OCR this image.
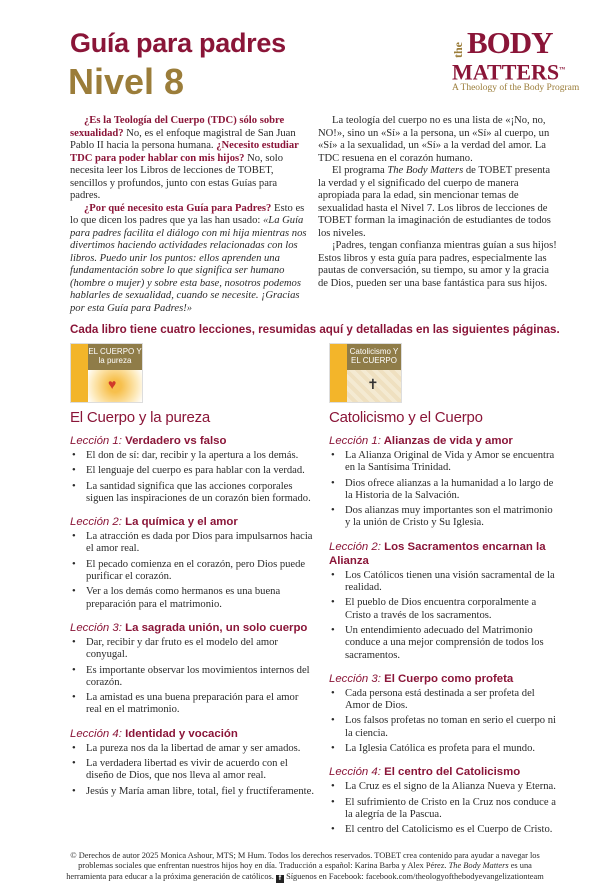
Guía para padres
Nivel 8
the BODY
MATTERS™
A Theology of the Body Program

¿Es la Teología del Cuerpo (TDC) sólo sobre sexualidad? No, es el enfoque magistral de San Juan Pablo II hacia la persona humana. ¿Necesito estudiar TDC para poder hablar con mis hijos? No, solo necesita leer los Libros de lecciones de TOBET, sencillos y profundos, junto con estas Guías para padres.

¿Por qué necesito esta Guía para Padres? Esto es lo que dicen los padres que ya las han usado: «La Guía para padres facilita el diálogo con mi hija mientras nos divertimos haciendo actividades relacionadas con los libros. Puedo unir los puntos: ellos aprenden una fundamentación sobre lo que significa ser humano (hombre o mujer) y sobre esta base, nosotros podemos hablarles de sexualidad, cuando se necesite. ¡Gracias por esta Guía para Padres!»

La teología del cuerpo no es una lista de «¡No, no, NO!», sino un «Sí» a la persona, un «Sí» al cuerpo, un «Sí» a la sexualidad, un «Sí» a la verdad del amor. La TDC resuena en el corazón humano.

El programa The Body Matters de TOBET presenta la verdad y el significado del cuerpo de manera apropiada para la edad, sin mencionar temas de sexualidad hasta el Nivel 7. Los libros de lecciones de TOBET forman la imaginación de estudiantes de todos los niveles.

¡Padres, tengan confianza mientras guían a sus hijos! Estos libros y esta guía para padres, especialmente las pautas de conversación, su tiempo, su amor y la gracia de Dios, pueden ser una base fantástica para sus hijos.

Cada libro tiene cuatro lecciones, resumidas aquí y detalladas en las siguientes páginas.
EL CUERPO Y la pureza
♥
Catolicismo Y EL CUERPO
✝
El Cuerpo y la pureza
Lección 1: Verdadero vs falso
• El don de sí: dar, recibir y la apertura a los demás.
• El lenguaje del cuerpo es para hablar con la verdad.
• La santidad significa que las acciones corporales siguen las inspiraciones de un corazón bien formado.
Lección 2: La química y el amor
• La atracción es dada por Dios para impulsarnos hacia el amor real.
• El pecado comienza en el corazón, pero Dios puede purificar el corazón.
• Ver a los demás como hermanos es una buena preparación para el matrimonio.
Lección 3: La sagrada unión, un solo cuerpo
• Dar, recibir y dar fruto es el modelo del amor conyugal.
• Es importante observar los movimientos internos del corazón.
• La amistad es una buena preparación para el amor real en el matrimonio.
Lección 4: Identidad y vocación
• La pureza nos da la libertad de amar y ser amados.
• La verdadera libertad es vivir de acuerdo con el diseño de Dios, que nos lleva al amor real.
• Jesús y María aman libre, total, fiel y fructíferamente.
Catolicismo y el Cuerpo
Lección 1: Alianzas de vida y amor
• La Alianza Original de Vida y Amor se encuentra en la Santísima Trinidad.
• Dios ofrece alianzas a la humanidad a lo largo de la Historia de la Salvación.
• Dos alianzas muy importantes son el matrimonio y la unión de Cristo y Su Iglesia.
Lección 2: Los Sacramentos encarnan la Alianza
• Los Católicos tienen una visión sacramental de la realidad.
• El pueblo de Dios encuentra corporalmente a Cristo a través de los sacramentos.
• Un entendimiento adecuado del Matrimonio conduce a una mejor comprensión de todos los sacramentos.
Lección 3: El Cuerpo como profeta
• Cada persona está destinada a ser profeta del Amor de Dios.
• Los falsos profetas no toman en serio el cuerpo ni la ciencia.
• La Iglesia Católica es profeta para el mundo.
Lección 4: El centro del Catolicismo
• La Cruz es el signo de la Alianza Nueva y Eterna.
• El sufrimiento de Cristo en la Cruz nos conduce a la alegría de la Pascua.
• El centro del Catolicismo es el Cuerpo de Cristo.
© Derechos de autor 2025 Monica Ashour, MTS; M Hum. Todos los derechos reservados. TOBET crea contenido para ayudar a navegar los problemas sociales que enfrentan nuestros hijos hoy en día. Traducción a español: Karina Barba y Alex Pérez. The Body Matters es una herramienta para educar a la próxima generación de católicos. f Síguenos en Facebook: facebook.com/theologyofthebodyevangelizationteam
